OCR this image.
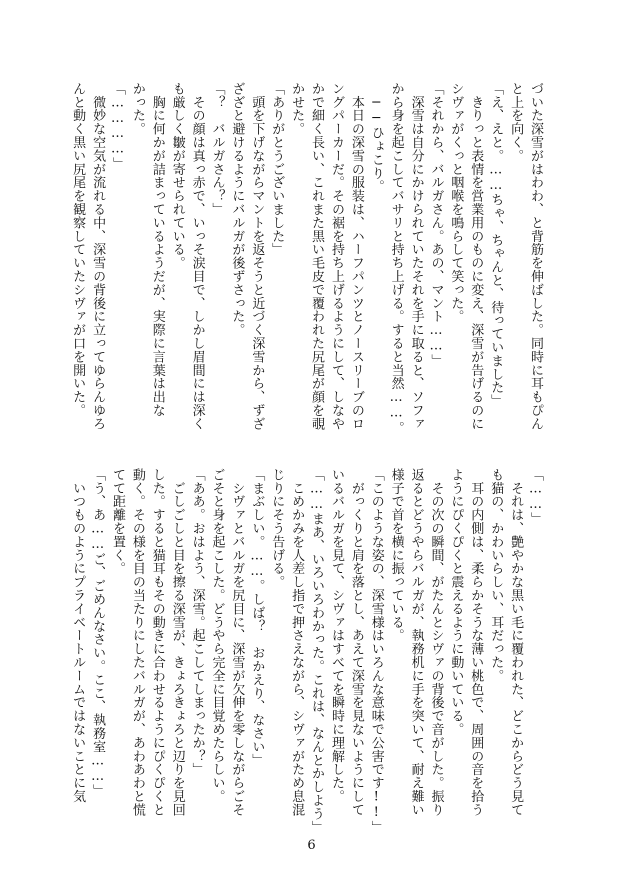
づいた深雪がはわわ、と背筋を伸ばした。同時に耳もぴん
と上を向く。
「え、えと。……ちゃ、ちゃんと、待っていました」
　きりっと表情を営業用のものに変え、深雪が告げるのに
シヴァがくっと咽喉を鳴らして笑った。
「それから、バルガさん。あの、マント……」
　深雪は自分にかけられていたそれを手に取ると、ソファ
から身を起こしてバサリと持ち上げる。すると当然……。
　──ひょこり。
　本日の深雪の服装は、ハーフパンツとノースリーブのロ
ングパーカーだ。その裾を持ち上げるようにして、しなや
かで細く長い、これまた黒い毛皮で覆われた尻尾が顔を覗
かせた。
「ありがとうございました」
　頭を下げながらマントを返そうと近づく深雪から、ずざ
ざざと避けるようにバルガが後ずさった。
「？　バルガさん？」
　その顔は真っ赤で、いっそ涙目で、しかし眉間には深く
も厳しく皺が寄せられている。
　胸に何かが詰まっているようだが、実際に言葉は出な
かった。
「…………」
　微妙な空気が流れる中、深雪の背後に立ってゆらんゆろ
んと動く黒い尻尾を観察していたシヴァが口を開いた。
「……」
　それは、艶やかな黒い毛に覆われた、どこからどう見て
も猫の、かわいらしい、耳だった。
　耳の内側は、柔らかそうな薄い桃色で、周囲の音を拾う
ようにぴくぴくと震えるように動いている。
　その次の瞬間、がたんとシヴァの背後で音がした。振り
返るとどうやらバルガが、執務机に手を突いて、耐え難い
様子で首を横に振っている。
「このような姿の、深雪様はいろんな意味で公害です!!」
　がっくりと肩を落とし、あえて深雪を見ないようにして
いるバルガを見て、シヴァはすべてを瞬時に理解した。
「……まあ、いろいろわかった。これは、なんとかしよう」
　こめかみを人差し指で押さえながら、シヴァがため息混
じりにそう告げる。
「まぶしい。……。しば？　おかえり、なさい」
　シヴァとバルガを尻目に、深雪が欠伸を零しながらごそ
ごそと身を起こした。どうやら完全に目覚めたらしい。
「ああ。おはよう、深雪。起こしてしまったか？」
　ごしごしと目を擦る深雪が、きょろきょろと辺りを見回
した。すると猫耳もその動きに合わせるようにぴくぴくと
動く。その様を目の当たりにしたバルガが、あわあわと慌
てて距離を置く。
「う、あ……ご、ごめんなさい。ここ、執務室……」
　いつものようにプライベートルームではないことに気
6
